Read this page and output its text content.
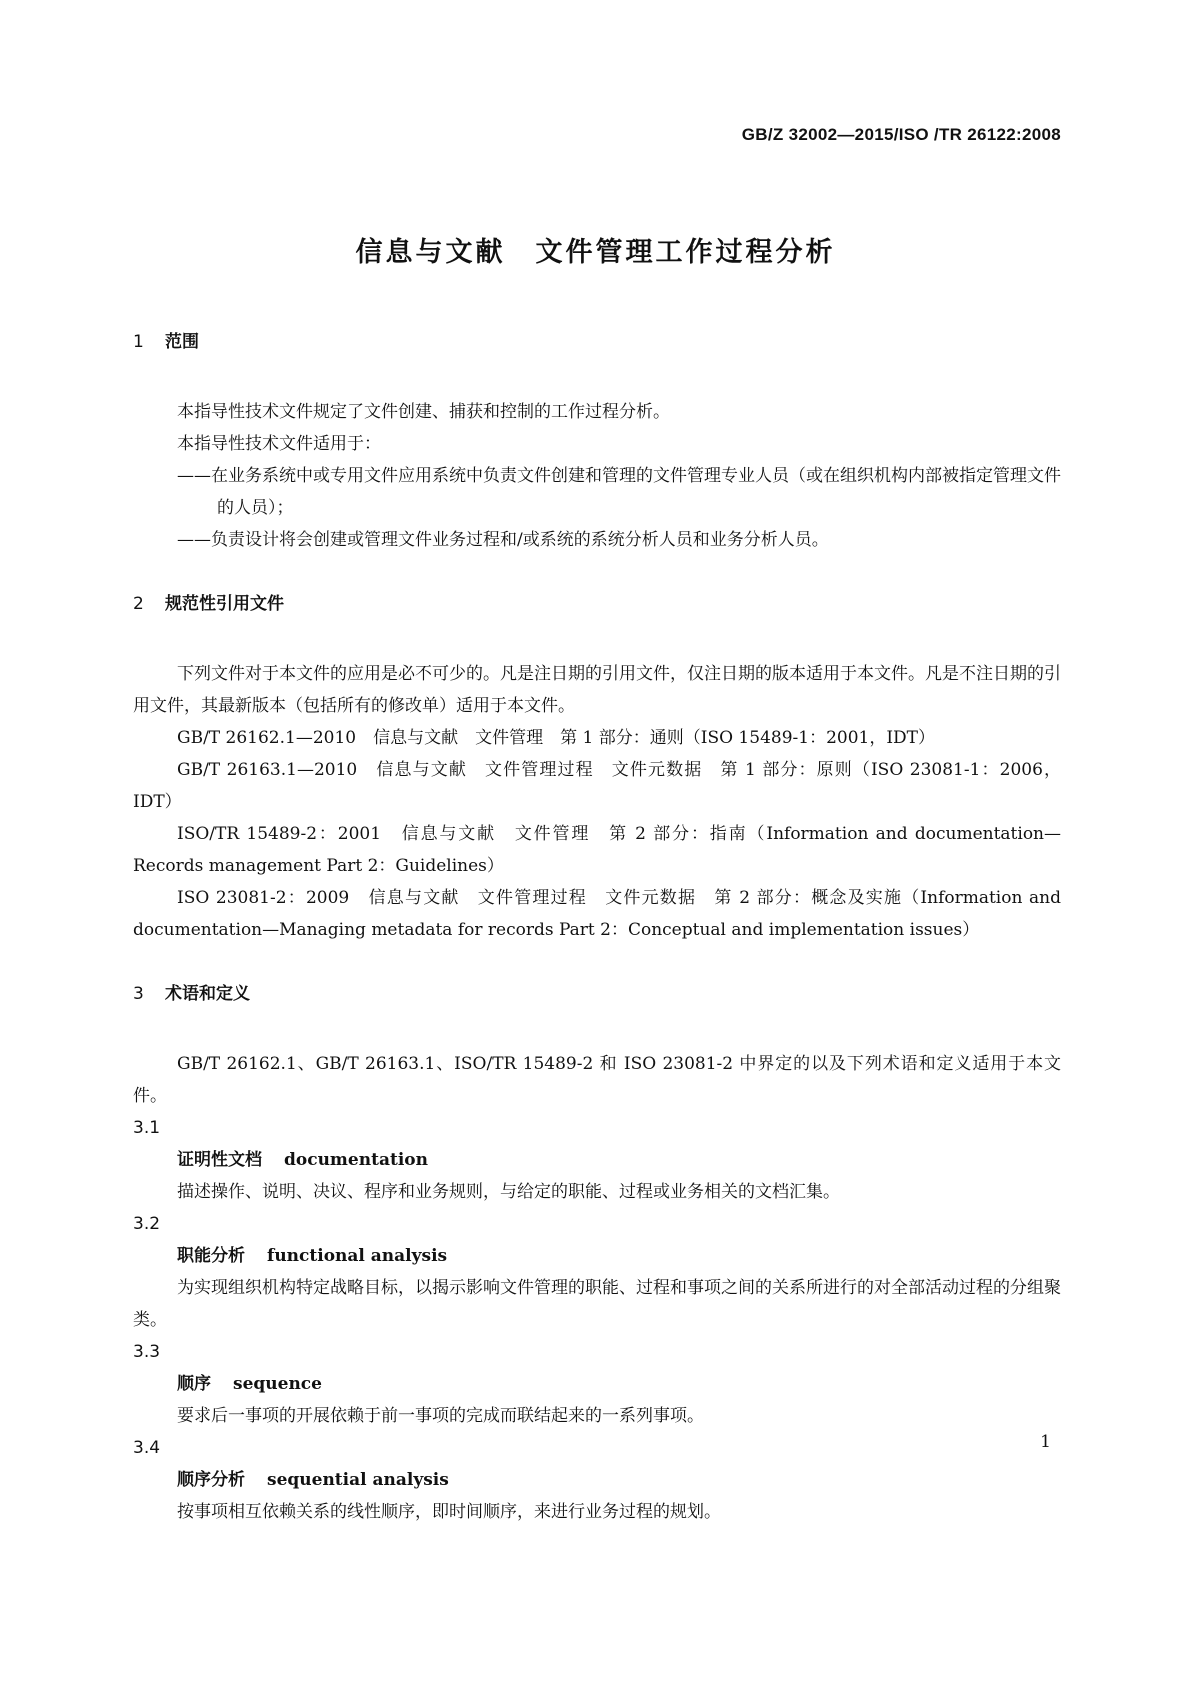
GB/Z 32002—2015/ISO /TR 26122:2008
信息与文献　文件管理工作过程分析
1 范围
本指导性技术文件规定了文件创建、捕获和控制的工作过程分析。
本指导性技术文件适用于：
——在业务系统中或专用文件应用系统中负责文件创建和管理的文件管理专业人员（或在组织机构内部被指定管理文件的人员）；
——负责设计将会创建或管理文件业务过程和/或系统的系统分析人员和业务分析人员。
2 规范性引用文件
下列文件对于本文件的应用是必不可少的。凡是注日期的引用文件，仅注日期的版本适用于本文件。凡是不注日期的引用文件，其最新版本（包括所有的修改单）适用于本文件。
GB/T 26162.1—2010　信息与文献　文件管理　第 1 部分：通则（ISO 15489-1：2001，IDT）
GB/T 26163.1—2010　信息与文献　文件管理过程　文件元数据　第 1 部分：原则（ISO 23081-1：2006，IDT）
ISO/TR 15489-2：2001　信息与文献　文件管理　第 2 部分：指南（Information and documentation—Records management Part 2：Guidelines）
ISO 23081-2：2009　信息与文献　文件管理过程　文件元数据　第 2 部分：概念及实施（Information and documentation—Managing metadata for records Part 2：Conceptual and implementation issues）
3 术语和定义
GB/T 26162.1、GB/T 26163.1、ISO/TR 15489-2 和 ISO 23081-2 中界定的以及下列术语和定义适用于本文件。
3.1
证明性文档 documentation
描述操作、说明、决议、程序和业务规则，与给定的职能、过程或业务相关的文档汇集。
3.2
职能分析 functional analysis
为实现组织机构特定战略目标，以揭示影响文件管理的职能、过程和事项之间的关系所进行的对全部活动过程的分组聚类。
3.3
顺序 sequence
要求后一事项的开展依赖于前一事项的完成而联结起来的一系列事项。
3.4
顺序分析 sequential analysis
按事项相互依赖关系的线性顺序，即时间顺序，来进行业务过程的规划。
1
